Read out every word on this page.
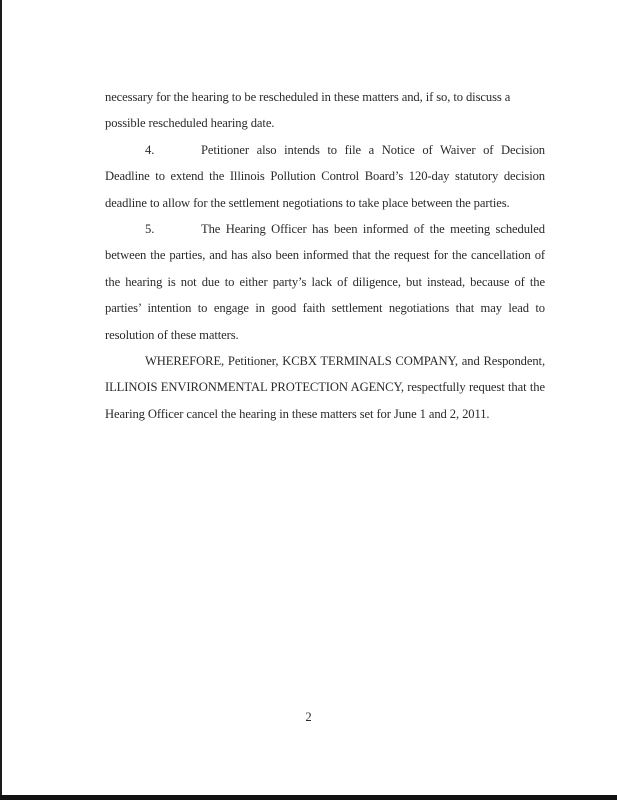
necessary for the hearing to be rescheduled in these matters and, if so, to discuss a possible rescheduled hearing date.

4.	Petitioner also intends to file a Notice of Waiver of Decision Deadline to extend the Illinois Pollution Control Board’s 120-day statutory decision deadline to allow for the settlement negotiations to take place between the parties.

5.	The Hearing Officer has been informed of the meeting scheduled between the parties, and has also been informed that the request for the cancellation of the hearing is not due to either party’s lack of diligence, but instead, because of the parties’ intention to engage in good faith settlement negotiations that may lead to resolution of these matters.

WHEREFORE, Petitioner, KCBX TERMINALS COMPANY, and Respondent, ILLINOIS ENVIRONMENTAL PROTECTION AGENCY, respectfully request that the Hearing Officer cancel the hearing in these matters set for June 1 and 2, 2011.

2
